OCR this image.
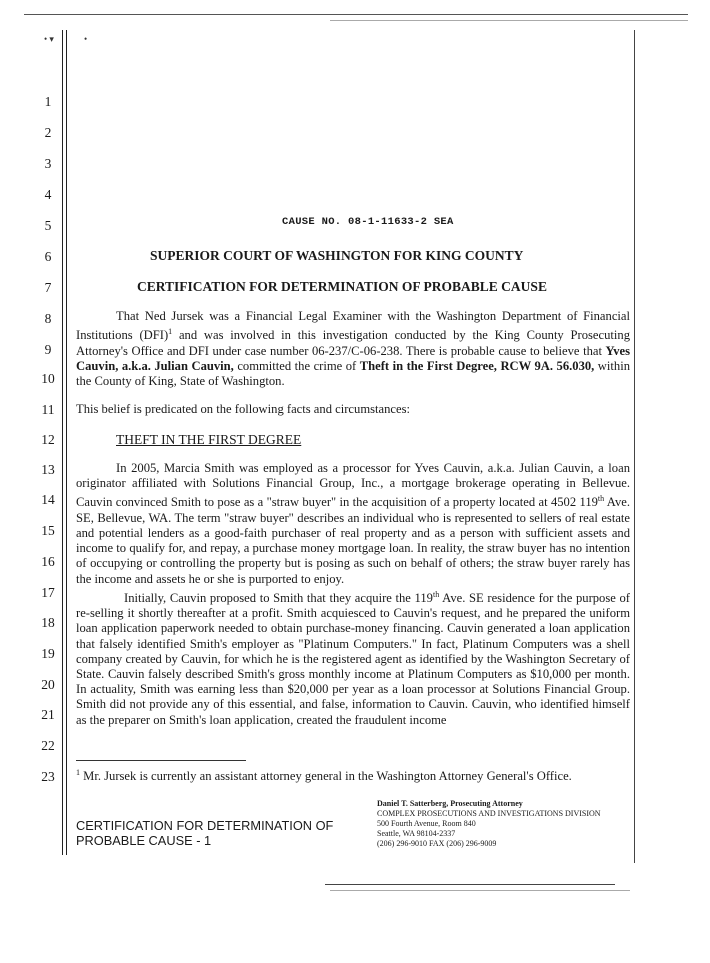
• ▾	•
1
2
3
4
5
6
7
8
9
10
11
12
13
14
15
16
17
18
19
20
21
22
23
CAUSE NO. 08-1-11633-2 SEA
SUPERIOR COURT OF WASHINGTON FOR KING COUNTY
CERTIFICATION FOR DETERMINATION OF PROBABLE CAUSE

That Ned Jursek was a Financial Legal Examiner with the Washington Department of Financial Institutions (DFI)$^1$ and was involved in this investigation conducted by the King County Prosecuting Attorney's Office and DFI under case number 06-237/C-06-238. There is probable cause to believe that Yves Cauvin, a.k.a. Julian Cauvin, committed the crime of Theft in the First Degree, RCW 9A. 56.030, within the County of King, State of Washington.

This belief is predicated on the following facts and circumstances:
THEFT IN THE FIRST DEGREE

In 2005, Marcia Smith was employed as a processor for Yves Cauvin, a.k.a. Julian Cauvin, a loan originator affiliated with Solutions Financial Group, Inc., a mortgage brokerage operating in Bellevue. Cauvin convinced Smith to pose as a "straw buyer" in the acquisition of a property located at 4502 119th Ave. SE, Bellevue, WA. The term "straw buyer" describes an individual who is represented to sellers of real estate and potential lenders as a good-faith purchaser of real property and as a person with sufficient assets and income to qualify for, and repay, a purchase money mortgage loan. In reality, the straw buyer has no intention of occupying or controlling the property but is posing as such on behalf of others; the straw buyer rarely has the income and assets he or she is purported to enjoy.

Initially, Cauvin proposed to Smith that they acquire the 119th Ave. SE residence for the purpose of re-selling it shortly thereafter at a profit. Smith acquiesced to Cauvin's request, and he prepared the uniform loan application paperwork needed to obtain purchase-money financing. Cauvin generated a loan application that falsely identified Smith's employer as "Platinum Computers." In fact, Platinum Computers was a shell company created by Cauvin, for which he is the registered agent as identified by the Washington Secretary of State. Cauvin falsely described Smith's gross monthly income at Platinum Computers as $10,000 per month. In actuality, Smith was earning less than $20,000 per year as a loan processor at Solutions Financial Group. Smith did not provide any of this essential, and false, information to Cauvin. Cauvin, who identified himself as the preparer on Smith's loan application, created the fraudulent income

$^1$ Mr. Jursek is currently an assistant attorney general in the Washington Attorney General's Office.
CERTIFICATION FOR DETERMINATION OF
PROBABLE CAUSE - 1
Daniel T. Satterberg, Prosecuting Attorney
COMPLEX PROSECUTIONS AND INVESTIGATIONS DIVISION
500 Fourth Avenue, Room 840
Seattle, WA 98104-2337
(206) 296-9010 FAX (206) 296-9009
